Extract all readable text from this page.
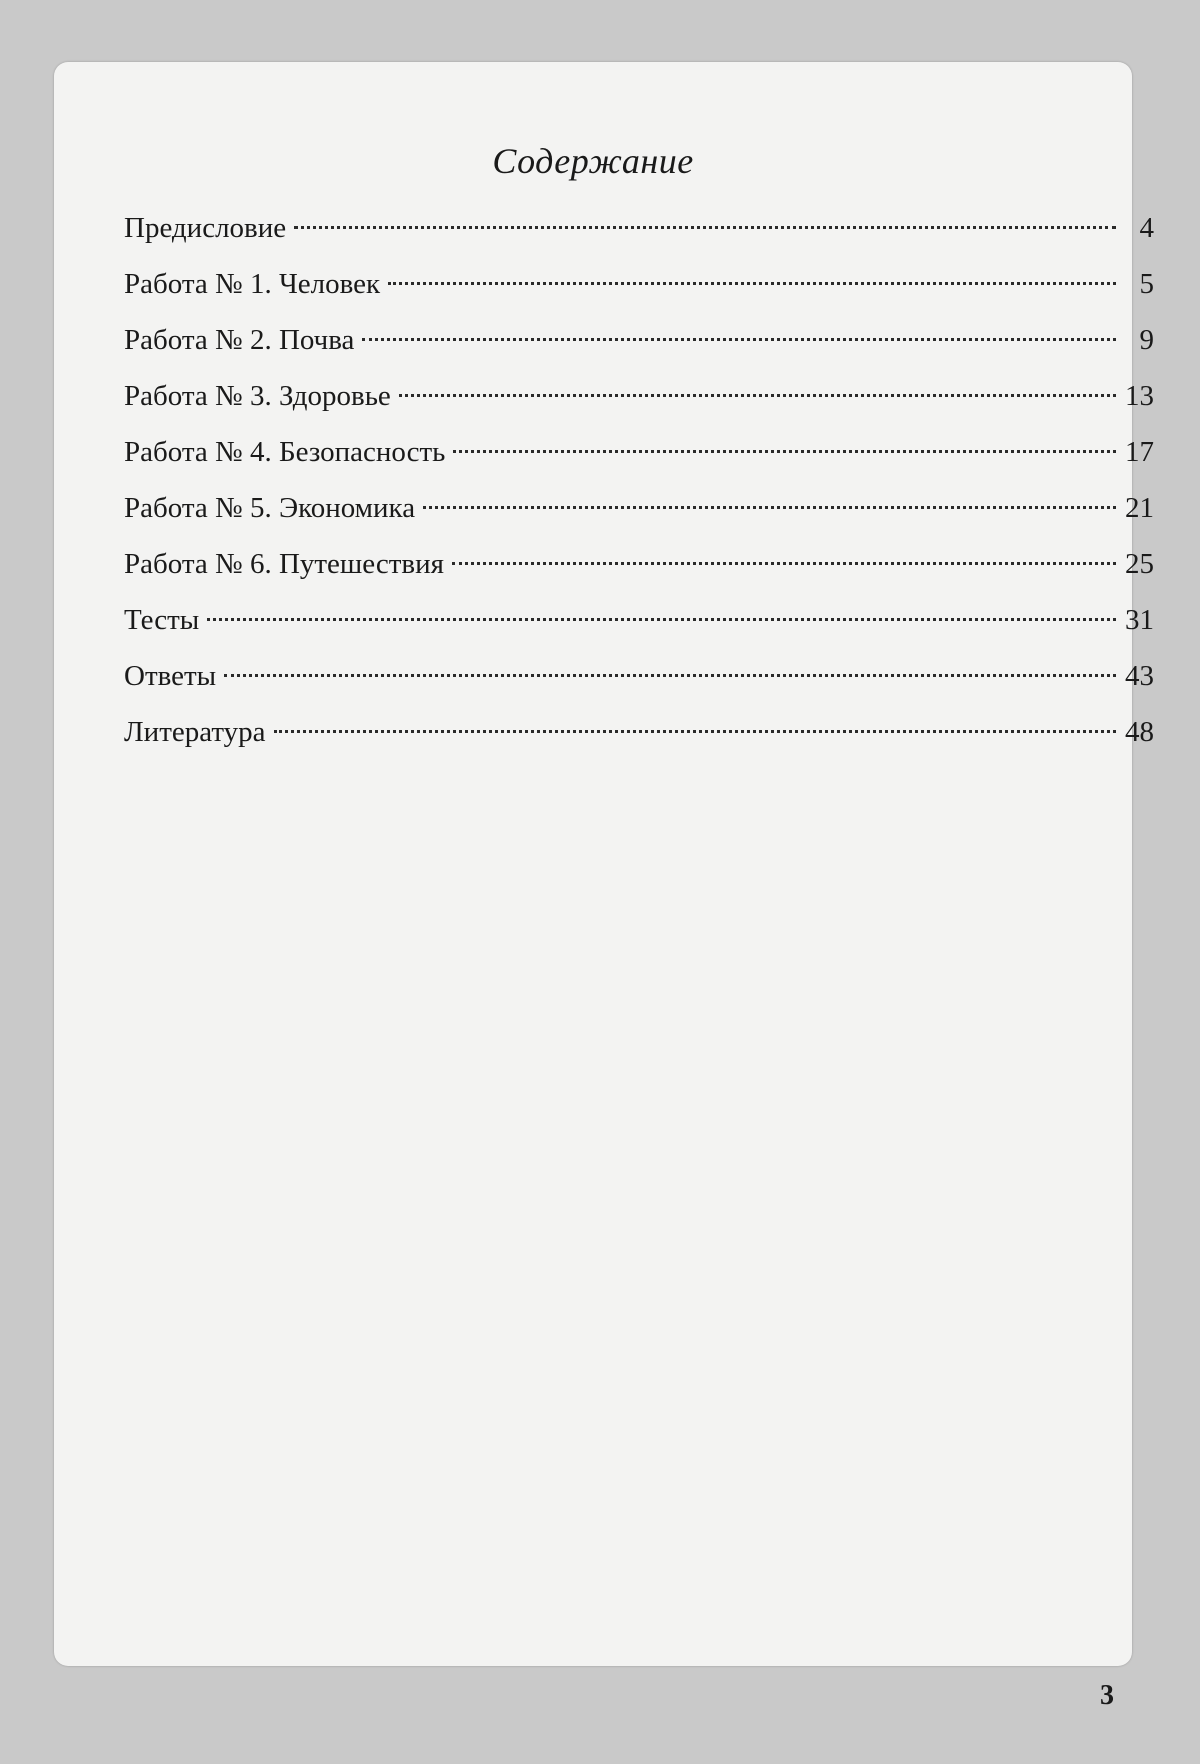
Содержание
Предисловие	4
Работа № 1. Человек	5
Работа № 2. Почва	9
Работа № 3. Здоровье	13
Работа № 4. Безопасность	17
Работа № 5. Экономика	21
Работа № 6. Путешествия	25
Тесты	31
Ответы	43
Литература	48

3
